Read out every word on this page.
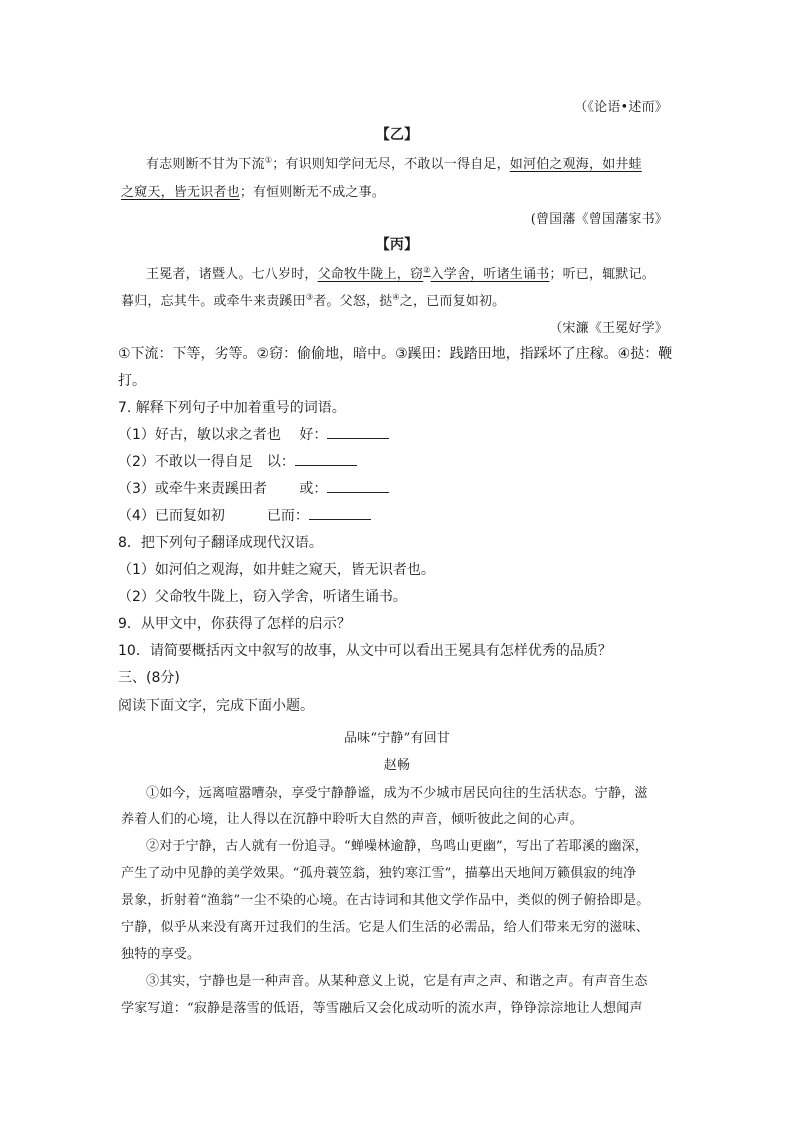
（《论语•述而》
【乙】
有志则断不甘为下流①；有识则知学问无尽，不敢以一得自足，如河伯之观海，如井蛙
之窥天，皆无识者也；有恒则断无不成之事。
(曾国藩《曾国藩家书》
【丙】
王冕者，诸暨人。七八岁时，父命牧牛陇上，窃②入学舍，听诸生诵书；听已，辄默记。
暮归，忘其牛。或牵牛来责蹊田③者。父怒，挞④之，已而复如初。
（宋濂《王冕好学》
①下流：下等，劣等。②窃：偷偷地，暗中。③蹊田：践踏田地，指踩坏了庄稼。④挞：鞭
打。
7. 解释下列句子中加着重号的词语。
（1）好古，敏以求之者也　 好：
（2）不敢以一得自足　以：
（3）或牵牛来责蹊田者　　 或：
（4）已而复如初　　　已而：
8．把下列句子翻译成现代汉语。
（1）如河伯之观海，如井蛙之窥天，皆无识者也。
（2）父命牧牛陇上，窃入学舍，听诸生诵书。
9．从甲文中，你获得了怎样的启示？
10．请简要概括丙文中叙写的故事，从文中可以看出王冕具有怎样优秀的品质？
三、(8分)
阅读下面文字，完成下面小题。
品味“宁静”有回甘
赵畅
①如今，远离喧嚣嘈杂，享受宁静静谧，成为不少城市居民向往的生活状态。宁静，滋
养着人们的心境，让人得以在沉静中聆听大自然的声音，倾听彼此之间的心声。
②对于宁静，古人就有一份追寻。“蝉噪林逾静，鸟鸣山更幽”，写出了若耶溪的幽深，
产生了动中见静的美学效果。“孤舟蓑笠翁，独钓寒江雪”，描摹出天地间万籁俱寂的纯净
景象，折射着“渔翁”一尘不染的心境。在古诗词和其他文学作品中，类似的例子俯拾即是。
宁静，似乎从来没有离开过我们的生活。它是人们生活的必需品，给人们带来无穷的滋味、
独特的享受。
③其实，宁静也是一种声音。从某种意义上说，它是有声之声、和谐之声。有声音生态
学家写道：“寂静是落雪的低语，等雪融后又会化成动听的流水声，铮铮淙淙地让人想闻声
